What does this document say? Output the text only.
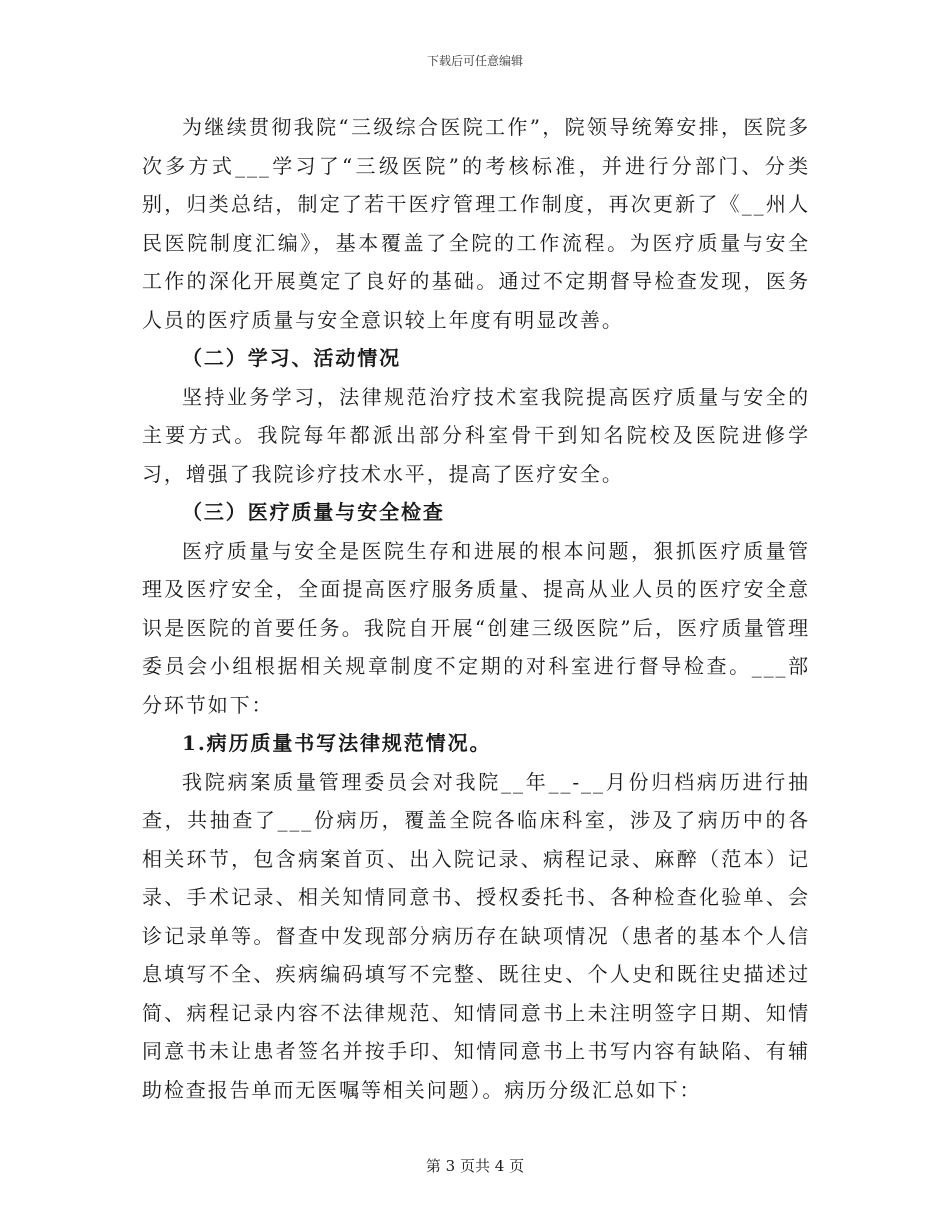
下载后可任意编辑

为继续贯彻我院“三级综合医院工作”，院领导统筹安排，医院多次多方式___学习了“三级医院”的考核标准，并进行分部门、分类别，归类总结，制定了若干医疗管理工作制度，再次更新了《__州人民医院制度汇编》，基本覆盖了全院的工作流程。为医疗质量与安全工作的深化开展奠定了良好的基础。通过不定期督导检查发现，医务人员的医疗质量与安全意识较上年度有明显改善。

（二）学习、活动情况

坚持业务学习，法律规范治疗技术室我院提高医疗质量与安全的主要方式。我院每年都派出部分科室骨干到知名院校及医院进修学习，增强了我院诊疗技术水平，提高了医疗安全。

（三）医疗质量与安全检查

医疗质量与安全是医院生存和进展的根本问题，狠抓医疗质量管理及医疗安全，全面提高医疗服务质量、提高从业人员的医疗安全意识是医院的首要任务。我院自开展“创建三级医院”后，医疗质量管理委员会小组根据相关规章制度不定期的对科室进行督导检查。___部分环节如下：

1.病历质量书写法律规范情况。

我院病案质量管理委员会对我院__年__-__月份归档病历进行抽查，共抽查了___份病历，覆盖全院各临床科室，涉及了病历中的各相关环节，包含病案首页、出入院记录、病程记录、麻醉（范本）记录、手术记录、相关知情同意书、授权委托书、各种检查化验单、会诊记录单等。督查中发现部分病历存在缺项情况（患者的基本个人信息填写不全、疾病编码填写不完整、既往史、个人史和既往史描述过简、病程记录内容不法律规范、知情同意书上未注明签字日期、知情同意书未让患者签名并按手印、知情同意书上书写内容有缺陷、有辅助检查报告单而无医嘱等相关问题）。病历分级汇总如下：

第 3 页共 4 页
